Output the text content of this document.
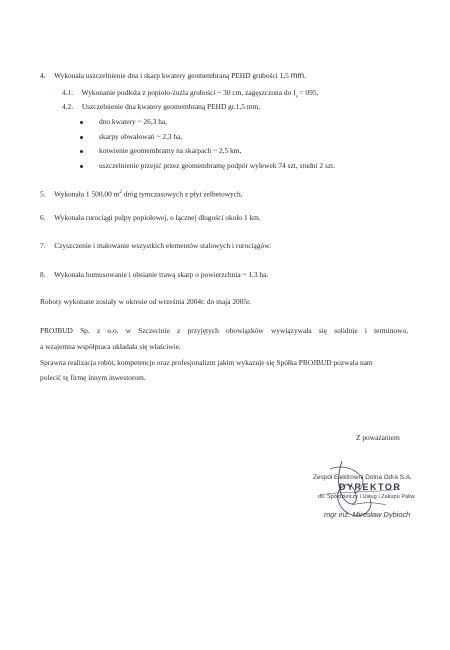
4. Wykonała uszczelnienie dna i skarp kwatery geomembraną PEHD grubości 1,5 mm.
4.1. Wykonanie podłoża z popioło-żużla grubości ~ 30 cm, zagęszczona do $I_s = 095$,
4.2. Uszczelnienie dna kwatery geomembraną PEHD gr.1,5 mm,
dno kwatery ~ 26,3 ha,
skarpy obwałowań ~ 2,3 ha,
kotwienie geomembramy na skarpach ~ 2,5 km,
uszczelnienie przejść przez geomembramę podpór wylewek 74 szt, studni 2 szt.
5. Wykonała 1 500,00 $m^2$ dróg tymczasowych z płyt żelbetowych,
6. Wykonała rurociągi pulpy popiołowej, o łącznej długości około 1 km.
7. Czyszczenie i malowanie wszystkich elementów stalowych i rurociągów.
8. Wykonała humusowanie i obsianie trawą skarp o powierzchnia ~ 1,3 ha.
Roboty wykonane zostały w okresie od września 2004r. do maja 2005r.
PROJBUD Sp. z o.o. w Szczecinie z przyjętych obowiązków wywiązywała się solidnie i terminowo,
a wzajemna współpraca układała się właściwie.
Sprawna realizacja robót, kompetencje oraz profesjonalizm jakim wykazuje się Spółka PROJBUD pozwala nam
polecić tę firmę innym inwestorom.
Z poważaniem
Zespół Elektrowni Dolna Odra S.A.
DYREKTOR
ds. Spółdzielczy i Usług i Zakupu Paliw
mgr inż. Mirosław Dybioch
